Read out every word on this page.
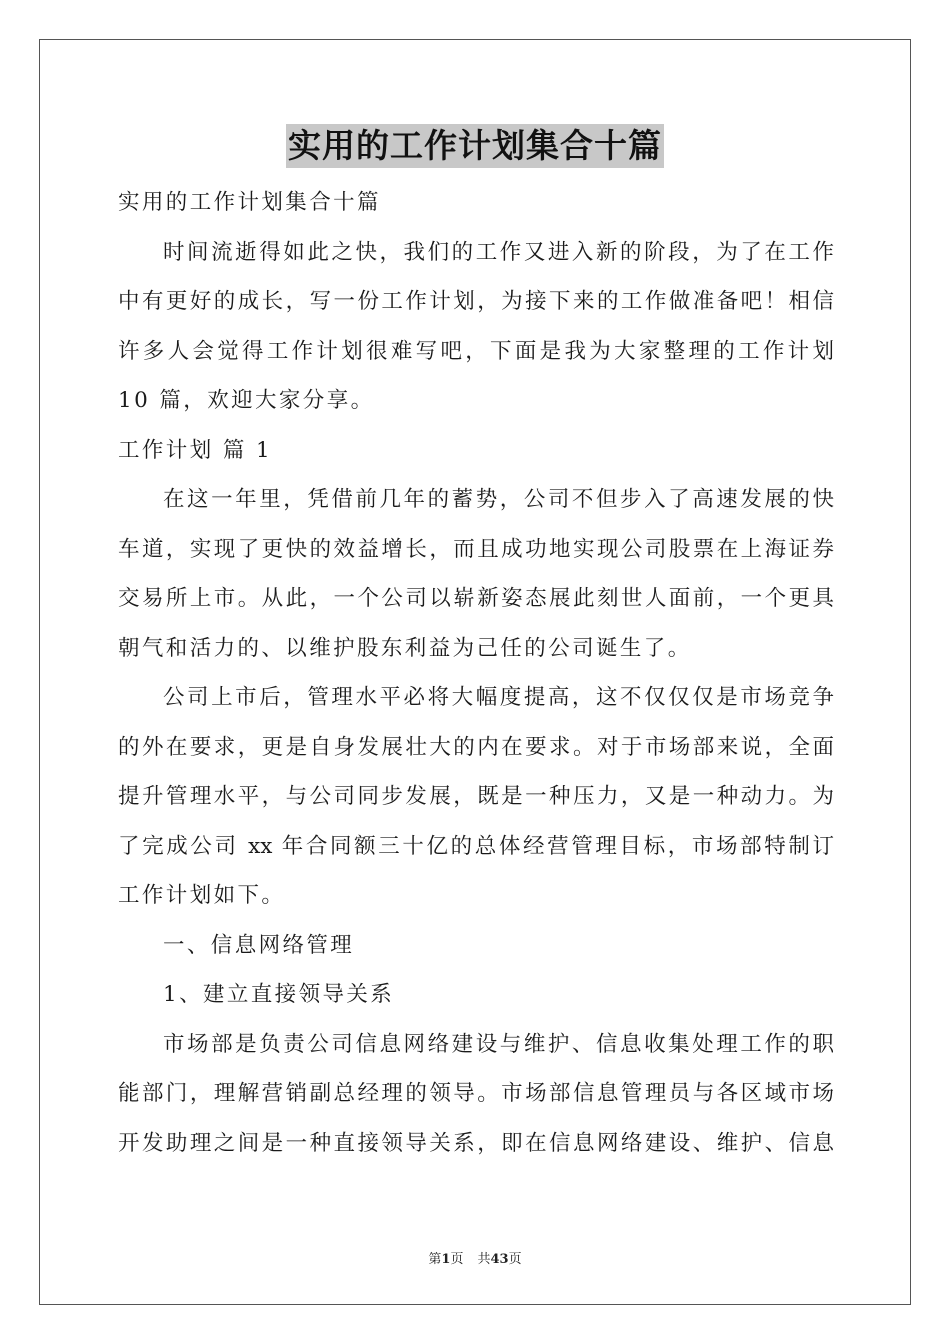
实用的工作计划集合十篇
实用的工作计划集合十篇
时间流逝得如此之快，我们的工作又进入新的阶段，为了在工作
中有更好的成长，写一份工作计划，为接下来的工作做准备吧！相信
许多人会觉得工作计划很难写吧，下面是我为大家整理的工作计划
10 篇，欢迎大家分享。
工作计划 篇 1
在这一年里，凭借前几年的蓄势，公司不但步入了高速发展的快
车道，实现了更快的效益增长，而且成功地实现公司股票在上海证券
交易所上市。从此，一个公司以崭新姿态展此刻世人面前，一个更具
朝气和活力的、以维护股东利益为己任的公司诞生了。
公司上市后，管理水平必将大幅度提高，这不仅仅仅是市场竞争
的外在要求，更是自身发展壮大的内在要求。对于市场部来说，全面
提升管理水平，与公司同步发展，既是一种压力，又是一种动力。为
了完成公司 xx 年合同额三十亿的总体经营管理目标，市场部特制订
工作计划如下。
一、信息网络管理
1、建立直接领导关系
市场部是负责公司信息网络建设与维护、信息收集处理工作的职
能部门，理解营销副总经理的领导。市场部信息管理员与各区域市场
开发助理之间是一种直接领导关系，即在信息网络建设、维护、信息
第1页 共43页
